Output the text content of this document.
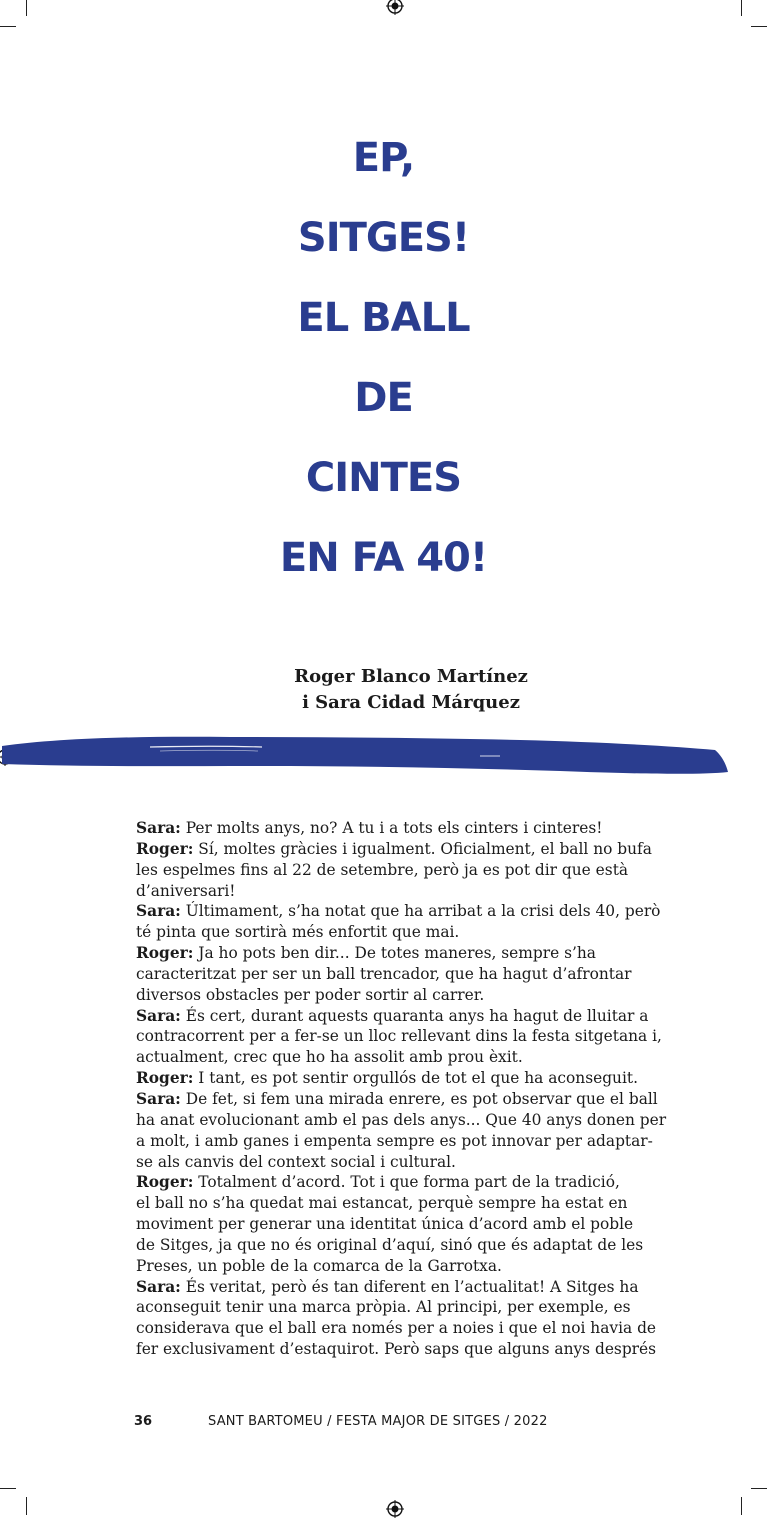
EP,
SITGES!
EL BALL
DE
CINTES
EN FA 40!
Roger Blanco Martínez
i Sara Cidad Márquez
Sara: Per molts anys, no? A tu i a tots els cinters i cinteres!
Roger: Sí, moltes gràcies i igualment. Oficialment, el ball no bufa
les espelmes fins al 22 de setembre, però ja es pot dir que està
d’aniversari!
Sara: Últimament, s’ha notat que ha arribat a la crisi dels 40, però
té pinta que sortirà més enfortit que mai.
Roger: Ja ho pots ben dir... De totes maneres, sempre s’ha
caracteritzat per ser un ball trencador, que ha hagut d’afrontar
diversos obstacles per poder sortir al carrer.
Sara: És cert, durant aquests quaranta anys ha hagut de lluitar a
contracorrent per a fer-se un lloc rellevant dins la festa sitgetana i,
actualment, crec que ho ha assolit amb prou èxit.
Roger: I tant, es pot sentir orgullós de tot el que ha aconseguit.
Sara: De fet, si fem una mirada enrere, es pot observar que el ball
ha anat evolucionant amb el pas dels anys... Que 40 anys donen per
a molt, i amb ganes i empenta sempre es pot innovar per adaptar-
se als canvis del context social i cultural.
Roger: Totalment d’acord. Tot i que forma part de la tradició,
el ball no s’ha quedat mai estancat, perquè sempre ha estat en
moviment per generar una identitat única d’acord amb el poble
de Sitges, ja que no és original d’aquí, sinó que és adaptat de les
Preses, un poble de la comarca de la Garrotxa.
Sara: És veritat, però és tan diferent en l’actualitat! A Sitges ha
aconseguit tenir una marca pròpia. Al principi, per exemple, es
considerava que el ball era només per a noies i que el noi havia de
fer exclusivament d’estaquirot. Però saps que alguns anys després
36	SANT BARTOMEU / FESTA MAJOR DE SITGES / 2022
